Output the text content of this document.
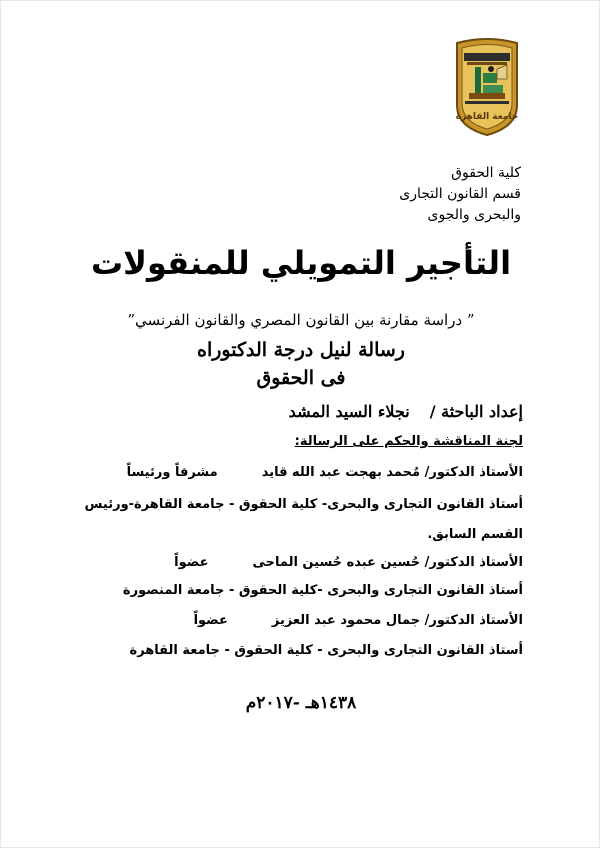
جامعة القاهرة
كلية الحقوق
قسم القانون التجارى
والبحرى والجوى
التأجير التمويلي للمنقولات
” دراسة مقارنة بين القانون المصري والقانون الفرنسي”
رسالة لنيل درجة الدكتوراه
فى الحقوق
إعداد الباحثة /نجلاء السيد المشد
لجنة المناقشة والحكم على الرسالة:
الأستاذ الدكتور/ مُحمد بهجت عبد الله قايدمشرفاً ورئيساً
أستاذ القانون التجارى والبحرى- كلية الحقوق - جامعة القاهرة-ورئيس
القسم السابق.
الأستاذ الدكتور/ حُسين عبده حُسين الماحىعضواً
أستاذ القانون التجارى والبحرى -كلية الحقوق - جامعة المنصورة
الأستاذ الدكتور/ جمال محمود عبد العزيزعضواً
أستاذ القانون التجارى والبحرى - كلية الحقوق - جامعة القاهرة
١٤٣٨هـ -٢٠١٧م
